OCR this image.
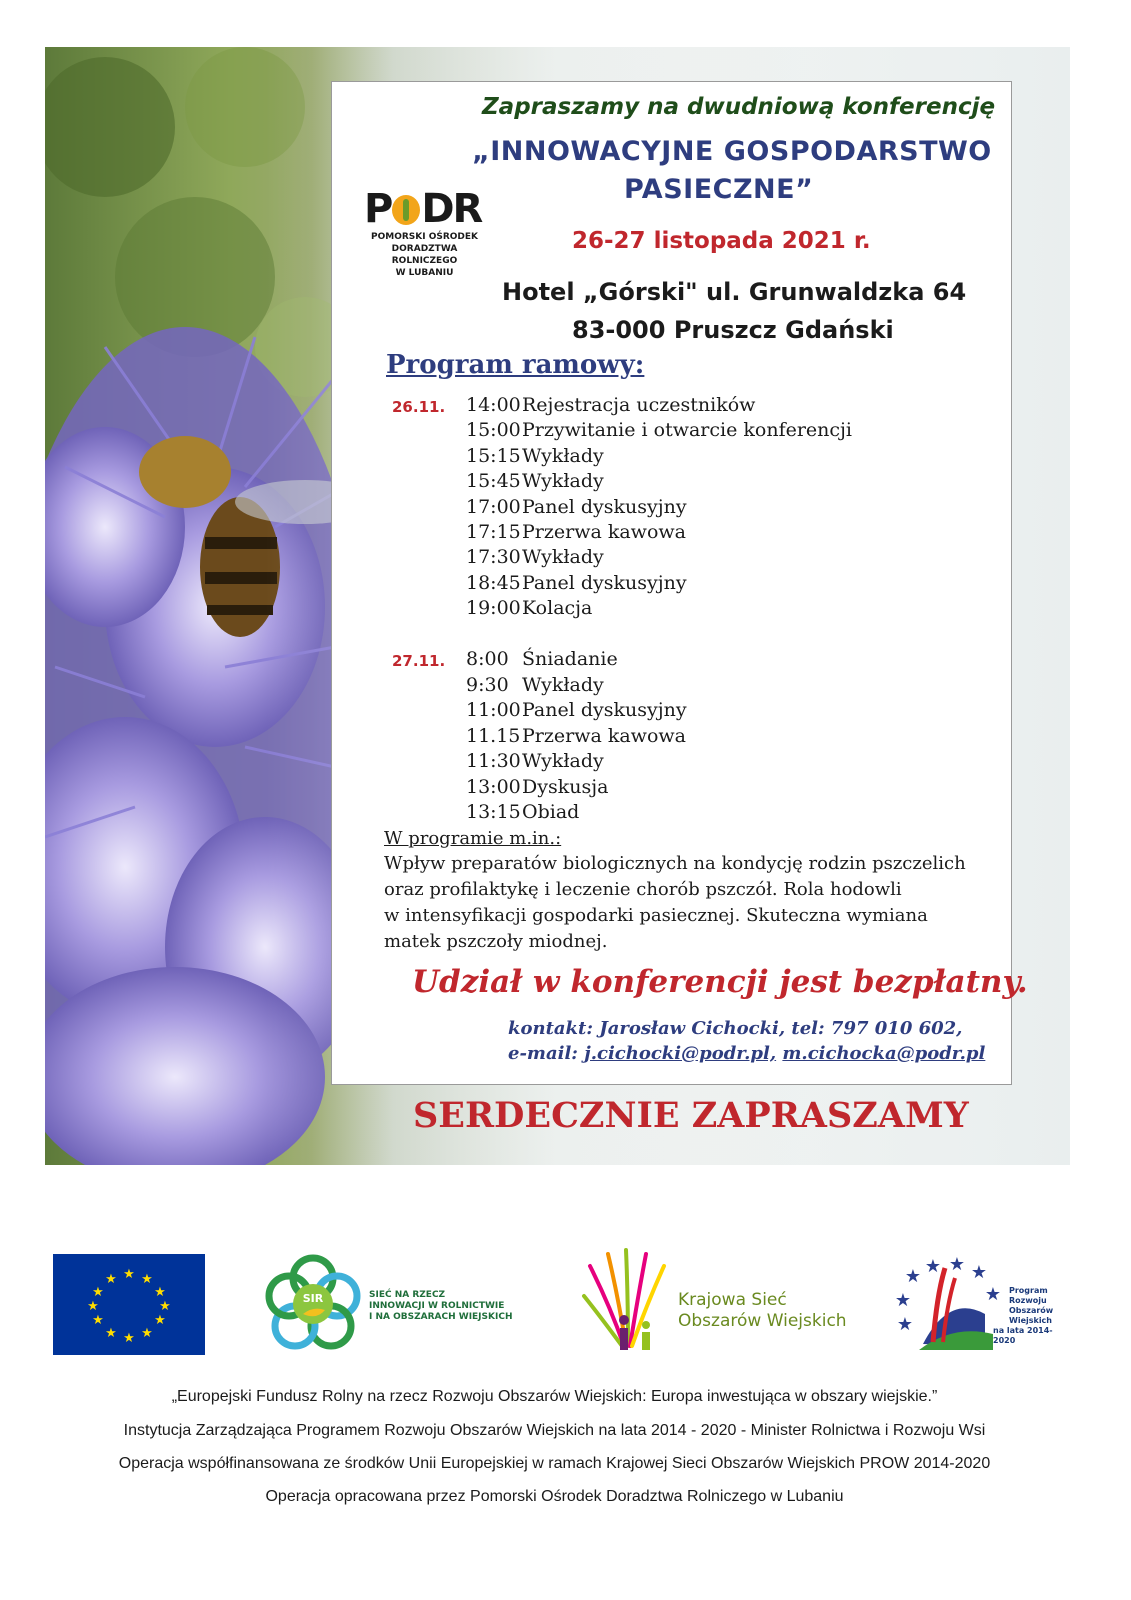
Zapraszamy na dwudniową konferencję

„INNOWACYJNE GOSPODARSTWO

PASIECZNE”

P DR
POMORSKI OŚRODEK
DORADZTWA ROLNICZEGO
W LUBANIU

26-27 listopada 2021 r.

Hotel „Górski" ul. Grunwaldzka 64

83-000 Pruszcz Gdański

Program ramowy:

26.11. 14:00Rejestracja uczestników
15:00Przywitanie i otwarcie konferencji
15:15Wykłady
15:45Wykłady
17:00Panel dyskusyjny
17:15Przerwa kawowa
17:30Wykłady
18:45Panel dyskusyjny
19:00Kolacja
27.11. 8:00 Śniadanie
9:30 Wykłady
11:00Panel dyskusyjny
11.15Przerwa kawowa
11:30Wykłady
13:00Dyskusja
13:15Obiad

W programie m.in.:

Wpływ preparatów biologicznych na kondycję rodzin pszczelich
oraz profilaktykę i leczenie chorób pszczół. Rola hodowli
w intensyfikacji gospodarki pasiecznej. Skuteczna wymiana
matek pszczoły miodnej.

Udział w konferencji jest bezpłatny.

kontakt: Jarosław Cichocki, tel: 797 010 602,

e-mail: j.cichocki@podr.pl, m.cichocka@podr.pl

SERDECZNIE ZAPRASZAMY
★ ★
★
★
★
★
★
★
★
★
★
★
SIR	SIEĆ NA RZECZ
INNOWACJI W ROLNICTWIE
I NA OBSZARACH WIEJSKICH
Krajowa Sieć
Obszarów Wiejskich
★ ★ ★ ★
★
★
★
Program
Rozwoju
Obszarów
Wiejskich
na lata 2014-2020
„Europejski Fundusz Rolny na rzecz Rozwoju Obszarów Wiejskich: Europa inwestująca w obszary wiejskie.”
Instytucja Zarządzająca Programem Rozwoju Obszarów Wiejskich na lata 2014 - 2020 - Minister Rolnictwa i Rozwoju Wsi
Operacja współfinansowana ze środków Unii Europejskiej w ramach Krajowej Sieci Obszarów Wiejskich PROW 2014-2020
Operacja opracowana przez Pomorski Ośrodek Doradztwa Rolniczego w Lubaniu
